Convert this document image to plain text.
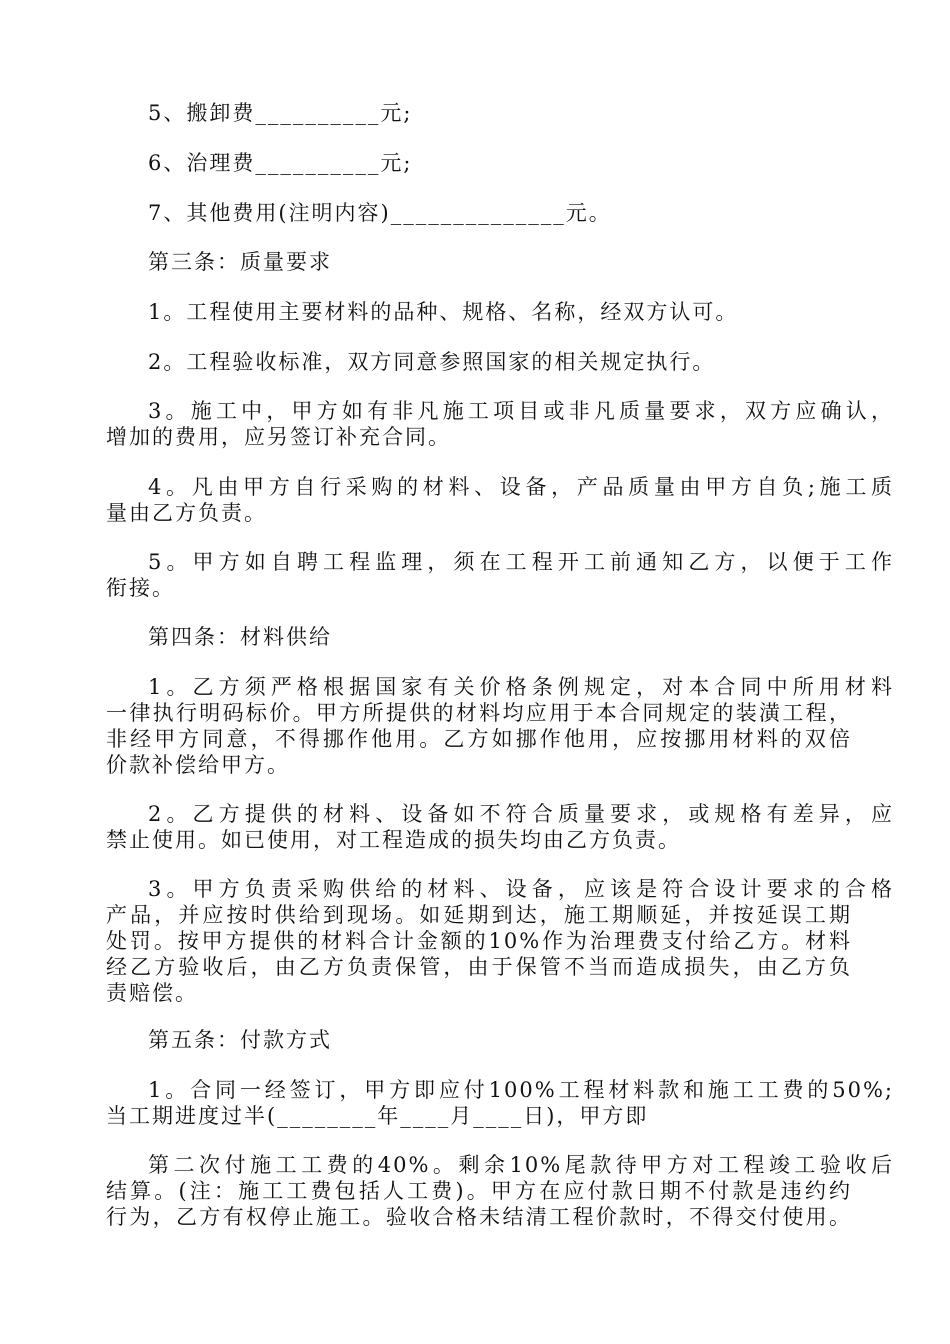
5、搬卸费__________元;
6、治理费__________元;
7、其他费用(注明内容)______________元。
第三条：质量要求
1。工程使用主要材料的品种、规格、名称，经双方认可。
2。工程验收标准，双方同意参照国家的相关规定执行。
3。施工中，甲方如有非凡施工项目或非凡质量要求，双方应确认，
增加的费用，应另签订补充合同。
4。凡由甲方自行采购的材料、设备，产品质量由甲方自负;施工质
量由乙方负责。
5。甲方如自聘工程监理，须在工程开工前通知乙方，以便于工作
衔接。
第四条：材料供给
1。乙方须严格根据国家有关价格条例规定，对本合同中所用材料
一律执行明码标价。甲方所提供的材料均应用于本合同规定的装潢工程，
非经甲方同意，不得挪作他用。乙方如挪作他用，应按挪用材料的双倍
价款补偿给甲方。
2。乙方提供的材料、设备如不符合质量要求，或规格有差异，应
禁止使用。如已使用，对工程造成的损失均由乙方负责。
3。甲方负责采购供给的材料、设备，应该是符合设计要求的合格
产品，并应按时供给到现场。如延期到达，施工期顺延，并按延误工期
处罚。按甲方提供的材料合计金额的10%作为治理费支付给乙方。材料
经乙方验收后，由乙方负责保管，由于保管不当而造成损失，由乙方负
责赔偿。
第五条：付款方式
1。合同一经签订，甲方即应付100%工程材料款和施工工费的50%;
当工期进度过半(________年____月____日)，甲方即
第二次付施工工费的40%。剩余10%尾款待甲方对工程竣工验收后
结算。(注：施工工费包括人工费)。甲方在应付款日期不付款是违约约
行为，乙方有权停止施工。验收合格未结清工程价款时，不得交付使用。
